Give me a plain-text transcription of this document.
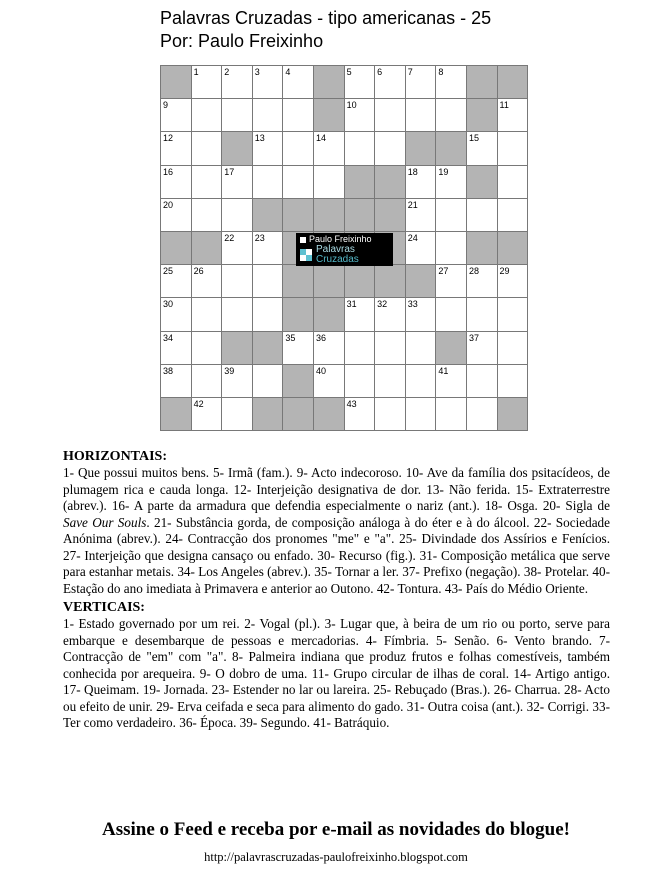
Palavras Cruzadas - tipo americanas - 25
Por: Paulo Freixinho
1	2	3	4	5	6	7	8
9	10	11
12	13	14	15
16	17	18 19
20	21
22 23	24
25 26	27 28 29
30	31 32 33
34	35 36	37
38	39	40	41
42	43
Paulo Freixinho
Palavras
Cruzadas
HORIZONTAIS:

1- Que possui muitos bens. 5- Irmã (fam.). 9- Acto indecoroso. 10- Ave da família dos psitacídeos, de plumagem rica e cauda longa. 12- Interjeição designativa de dor. 13- Não ferida. 15- Extraterrestre (abrev.). 16- A parte da armadura que defendia especialmente o nariz (ant.). 18- Osga. 20- Sigla de Save Our Souls. 21- Substância gorda, de composição análoga à do éter e à do álcool. 22- Sociedade Anónima (abrev.). 24- Contracção dos pronomes "me" e "a". 25- Divindade dos Assírios e Fenícios. 27- Interjeição que designa cansaço ou enfado. 30- Recurso (fig.). 31- Composição metálica que serve para estanhar metais. 34- Los Angeles (abrev.). 35- Tornar a ler. 37- Prefixo (negação). 38- Protelar. 40- Estação do ano imediata à Primavera e anterior ao Outono. 42- Tontura. 43- País do Médio Oriente.

VERTICAIS:

1- Estado governado por um rei. 2- Vogal (pl.). 3- Lugar que, à beira de um rio ou porto, serve para embarque e desembarque de pessoas e mercadorias. 4- Fímbria. 5- Senão. 6- Vento brando. 7- Contracção de "em" com "a". 8- Palmeira indiana que produz frutos e folhas comestíveis, também conhecida por arequeira. 9- O dobro de uma. 11- Grupo circular de ilhas de coral. 14- Artigo antigo. 17- Queimam. 19- Jornada. 23- Estender no lar ou lareira. 25- Rebuçado (Bras.). 26- Charrua. 28- Acto ou efeito de unir. 29- Erva ceifada e seca para alimento do gado. 31- Outra coisa (ant.). 32- Corrigi. 33- Ter como verdadeiro. 36- Época. 39- Segundo. 41- Batráquio.

Assine o Feed e receba por e-mail as novidades do blogue!
http://palavrascruzadas-paulofreixinho.blogspot.com
